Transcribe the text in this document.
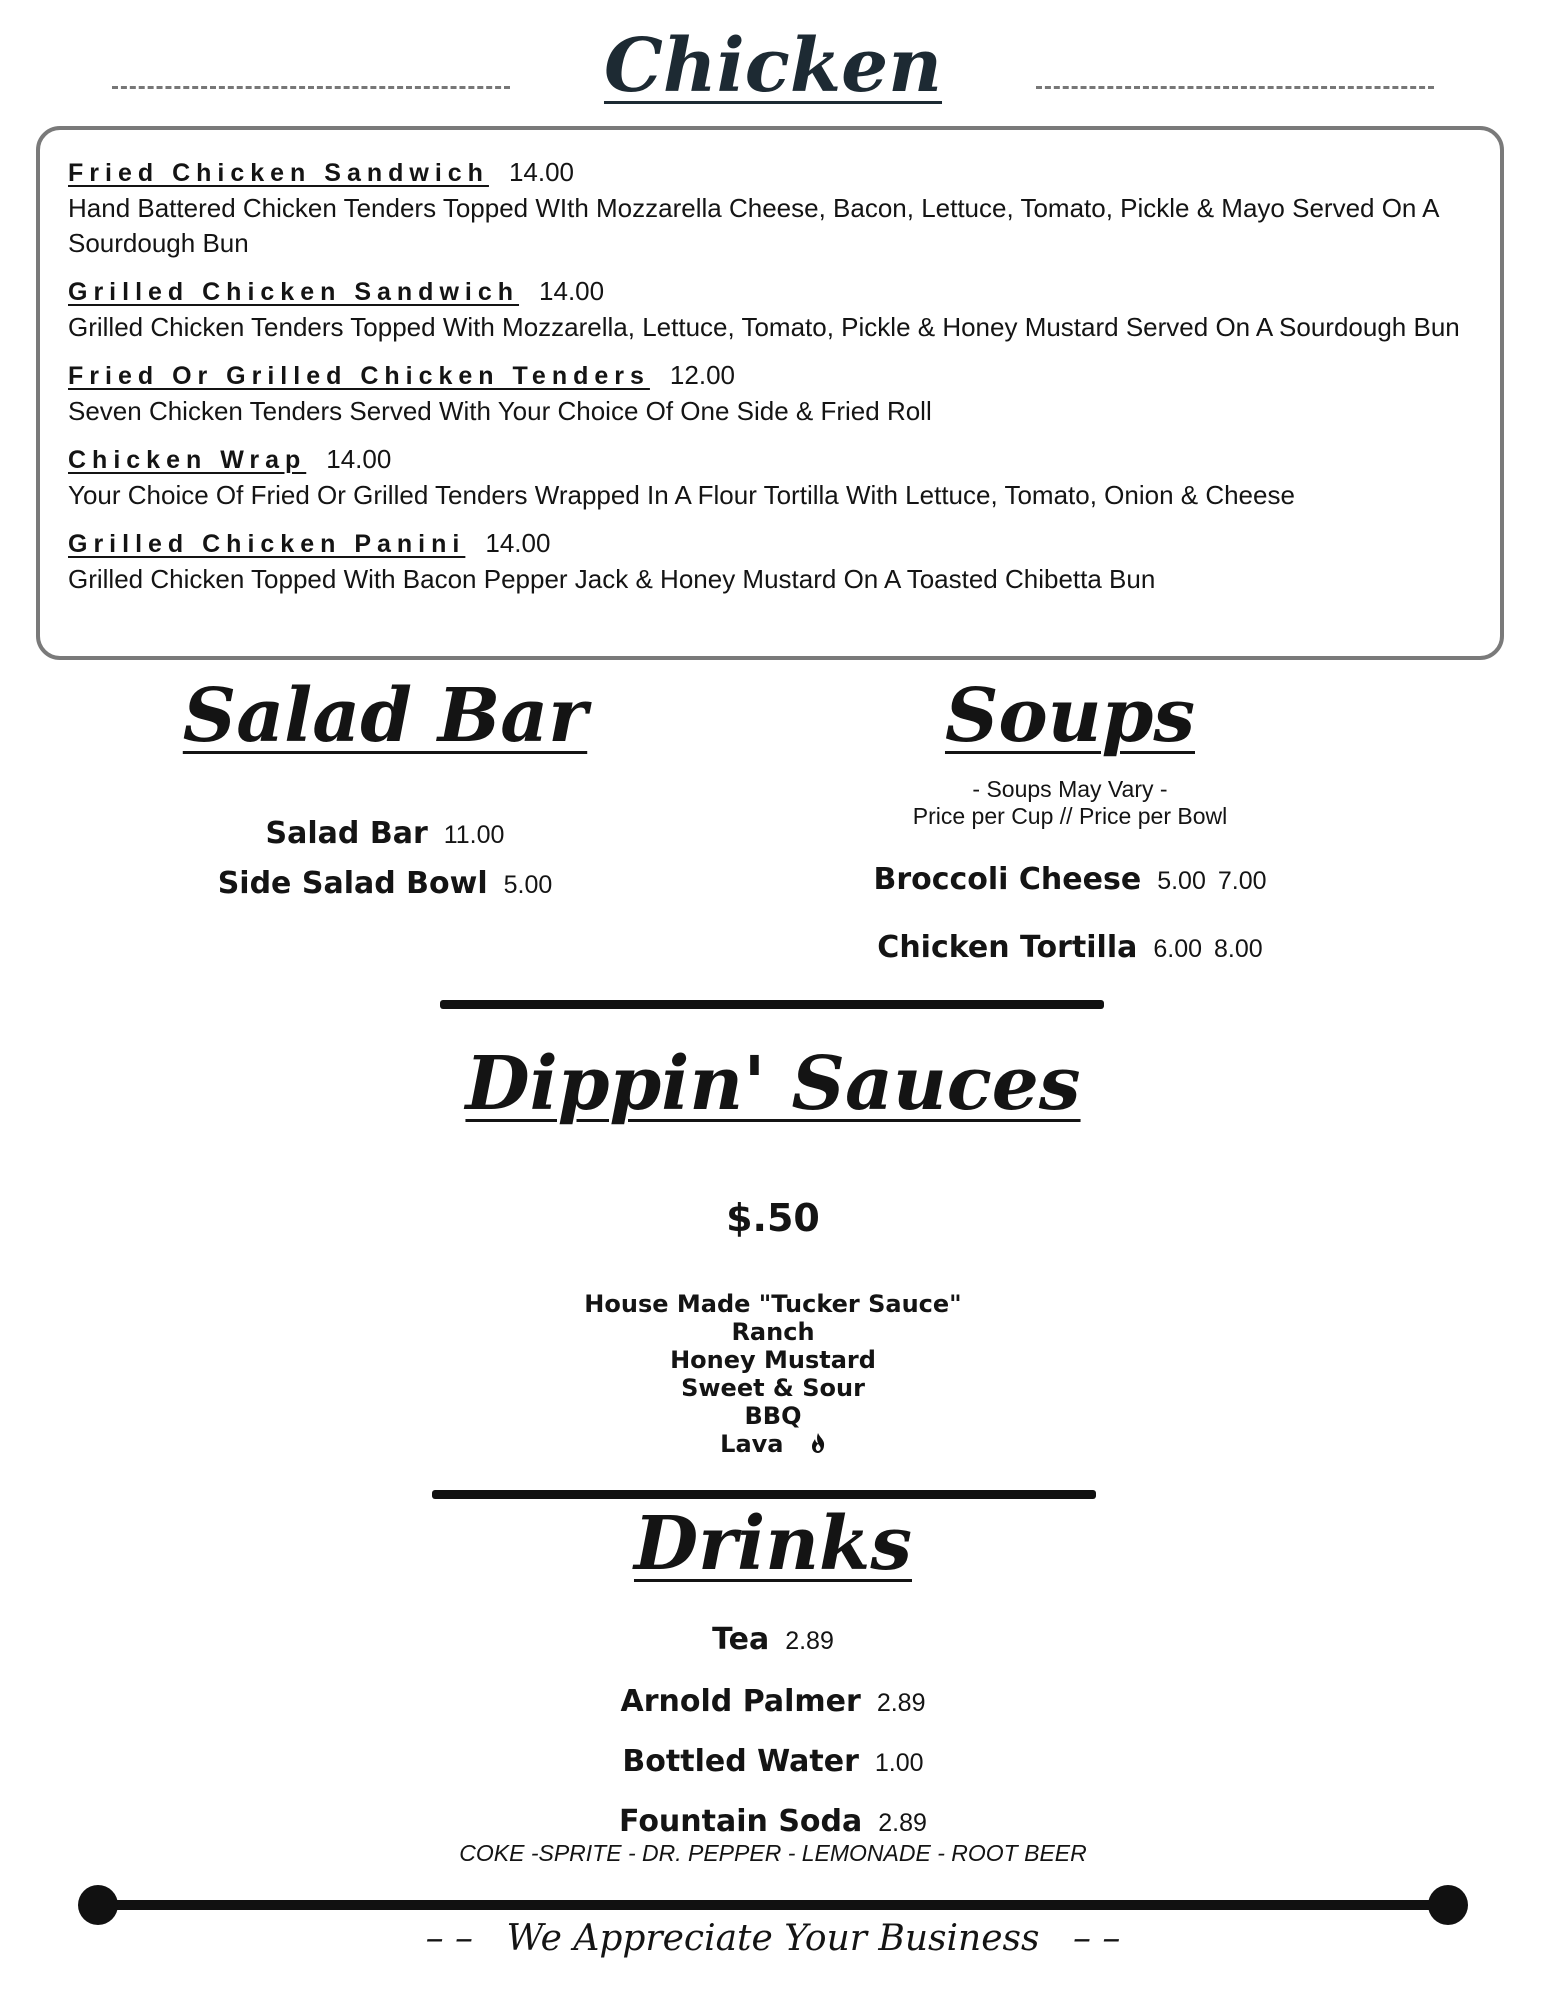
Chicken
Fried Chicken Sandwich 14.00
Hand Battered Chicken Tenders Topped WIth Mozzarella Cheese, Bacon, Lettuce, Tomato, Pickle & Mayo Served On A Sourdough Bun
Grilled Chicken Sandwich 14.00
Grilled Chicken Tenders Topped With Mozzarella, Lettuce, Tomato, Pickle & Honey Mustard Served On A Sourdough Bun
Fried Or Grilled Chicken Tenders 12.00
Seven Chicken Tenders Served With Your Choice Of One Side & Fried Roll
Chicken Wrap 14.00
Your Choice Of Fried Or Grilled Tenders Wrapped In A Flour Tortilla With Lettuce, Tomato, Onion & Cheese
Grilled Chicken Panini 14.00
Grilled Chicken Topped With Bacon Pepper Jack & Honey Mustard On A Toasted Chibetta Bun
Salad Bar
Salad Bar 11.00
Side Salad Bowl 5.00
Soups
- Soups May Vary -
Price per Cup // Price per Bowl
Broccoli Cheese 5.00 7.00
Chicken Tortilla 6.00 8.00
Dippin' Sauces
$.50
House Made "Tucker Sauce"
Ranch
Honey Mustard
Sweet & Sour
BBQ
Lava
Drinks
Tea 2.89
Arnold Palmer 2.89
Bottled Water 1.00
Fountain Soda 2.89
COKE -SPRITE - DR. PEPPER - LEMONADE - ROOT BEER
– – We Appreciate Your Business – –
